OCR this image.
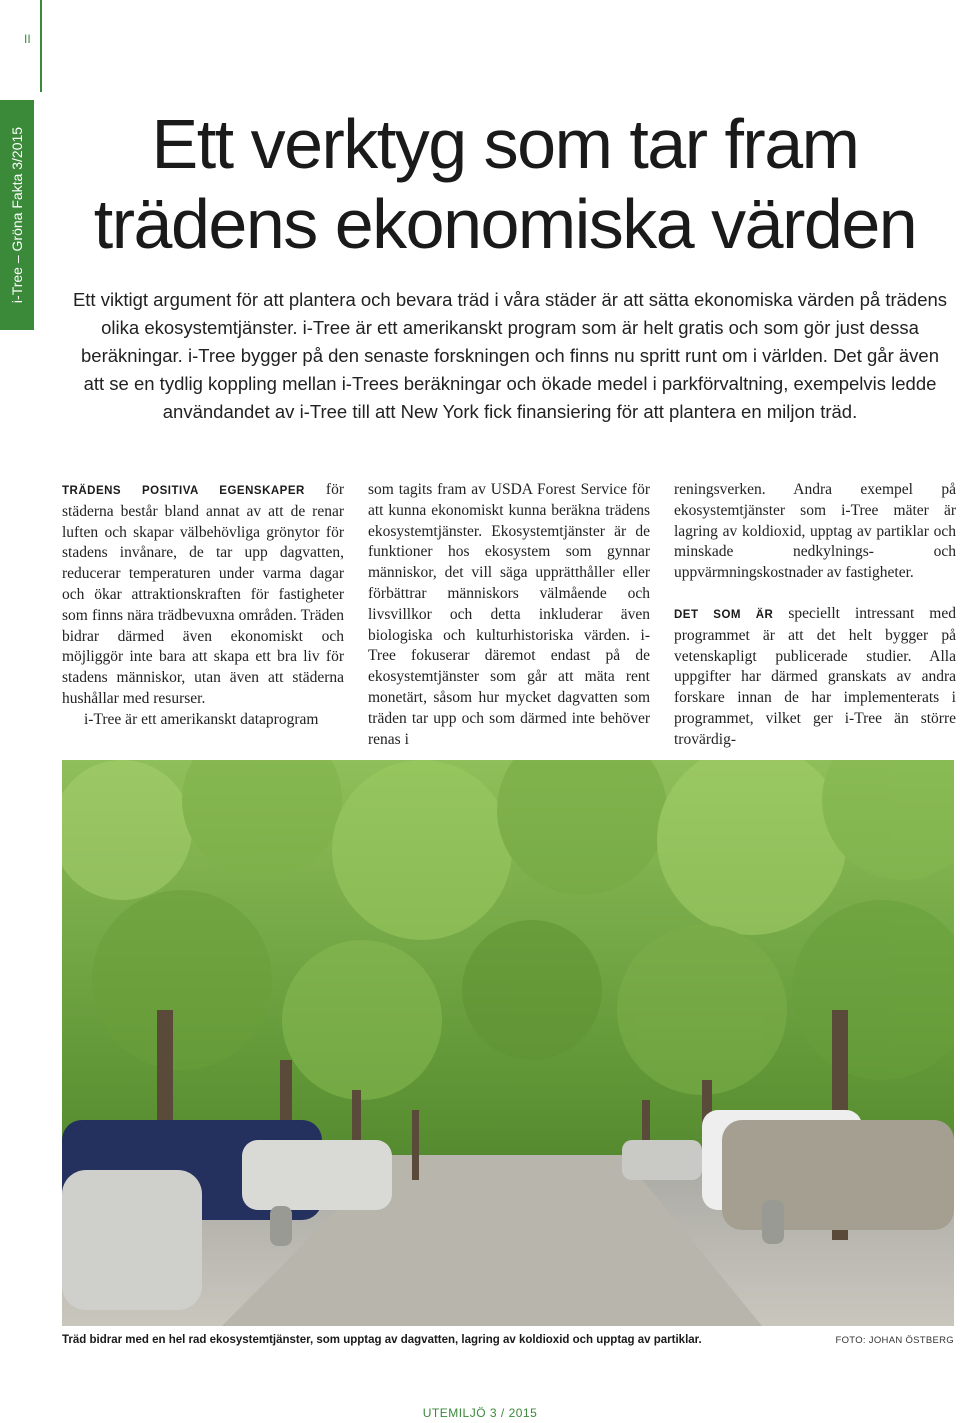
II
i-Tree – Gröna Fakta 3/2015	Ett verktyg som tar fram
trädens ekonomiska värden

Ett viktigt argument för att plantera och bevara träd i våra städer är att sätta ekonomiska värden på trädens olika ekosystemtjänster. i-Tree är ett amerikanskt program som är helt gratis och som gör just dessa beräkningar. i-Tree bygger på den senaste forskningen och finns nu spritt runt om i världen. Det går även att se en tydlig koppling mellan i-Trees beräkningar och ökade medel i parkförvaltning, exempelvis ledde användandet av i-Tree till att New York fick finansiering för att plantera en miljon träd.

TRÄDENS POSITIVA EGENSKAPER för städerna består bland annat av att de renar luften och skapar välbehövliga grönytor för stadens invånare, de tar upp dagvatten, reducerar temperaturen under varma dagar och ökar attraktionskraften för fastigheter som finns nära trädbevuxna områden. Träden bidrar därmed även ekonomiskt och möjliggör inte bara att skapa ett bra liv för stadens människor, utan även att städerna hushållar med resurser.

i-Tree är ett amerikanskt dataprogram

som tagits fram av USDA Forest Service för att kunna ekonomiskt kunna beräkna trädens ekosystemtjänster. Ekosystemtjänster är de funktioner hos ekosystem som gynnar människor, det vill säga upprätthåller eller förbättrar människors välmående och livsvillkor och detta inkluderar även biologiska och kulturhistoriska värden. i-Tree fokuserar däremot endast på de ekosystemtjänster som går att mäta rent monetärt, såsom hur mycket dagvatten som träden tar upp och som därmed inte behöver renas i

reningsverken. Andra exempel på ekosystemtjänster som i-Tree mäter är lagring av koldioxid, upptag av partiklar och minskade nedkylnings- och uppvärmningskostnader av fastigheter.

DET SOM ÄR speciellt intressant med programmet är att det helt bygger på vetenskapligt publicerade studier. Alla uppgifter har därmed granskats av andra forskare innan de har implementerats i programmet, vilket ger i-Tree än större trovärdig-

Träd bidrar med en hel rad ekosystemtjänster, som upptag av dagvatten, lagring av koldioxid och upptag av partiklar.	FOTO: JOHAN ÖSTBERG
UTEMILJÖ 3 / 2015
